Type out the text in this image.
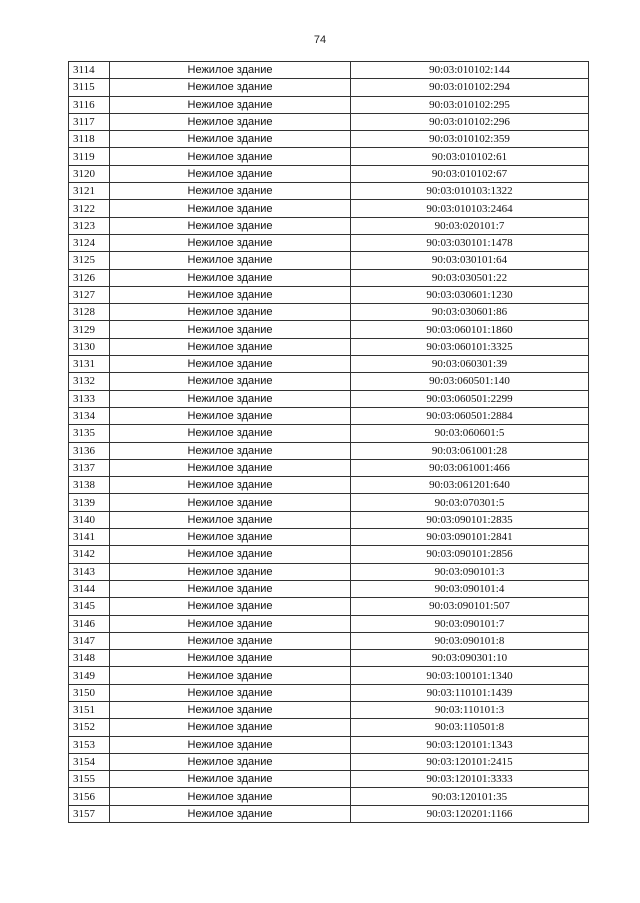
74
3114	Нежилое здание	90:03:010102:144
3115	Нежилое здание	90:03:010102:294
3116	Нежилое здание	90:03:010102:295
3117	Нежилое здание	90:03:010102:296
3118	Нежилое здание	90:03:010102:359
3119	Нежилое здание	90:03:010102:61
3120	Нежилое здание	90:03:010102:67
3121	Нежилое здание	90:03:010103:1322
3122	Нежилое здание	90:03:010103:2464
3123	Нежилое здание	90:03:020101:7
3124	Нежилое здание	90:03:030101:1478
3125	Нежилое здание	90:03:030101:64
3126	Нежилое здание	90:03:030501:22
3127	Нежилое здание	90:03:030601:1230
3128	Нежилое здание	90:03:030601:86
3129	Нежилое здание	90:03:060101:1860
3130	Нежилое здание	90:03:060101:3325
3131	Нежилое здание	90:03:060301:39
3132	Нежилое здание	90:03:060501:140
3133	Нежилое здание	90:03:060501:2299
3134	Нежилое здание	90:03:060501:2884
3135	Нежилое здание	90:03:060601:5
3136	Нежилое здание	90:03:061001:28
3137	Нежилое здание	90:03:061001:466
3138	Нежилое здание	90:03:061201:640
3139	Нежилое здание	90:03:070301:5
3140	Нежилое здание	90:03:090101:2835
3141	Нежилое здание	90:03:090101:2841
3142	Нежилое здание	90:03:090101:2856
3143	Нежилое здание	90:03:090101:3
3144	Нежилое здание	90:03:090101:4
3145	Нежилое здание	90:03:090101:507
3146	Нежилое здание	90:03:090101:7
3147	Нежилое здание	90:03:090101:8
3148	Нежилое здание	90:03:090301:10
3149	Нежилое здание	90:03:100101:1340
3150	Нежилое здание	90:03:110101:1439
3151	Нежилое здание	90:03:110101:3
3152	Нежилое здание	90:03:110501:8
3153	Нежилое здание	90:03:120101:1343
3154	Нежилое здание	90:03:120101:2415
3155	Нежилое здание	90:03:120101:3333
3156	Нежилое здание	90:03:120101:35
3157	Нежилое здание	90:03:120201:1166
